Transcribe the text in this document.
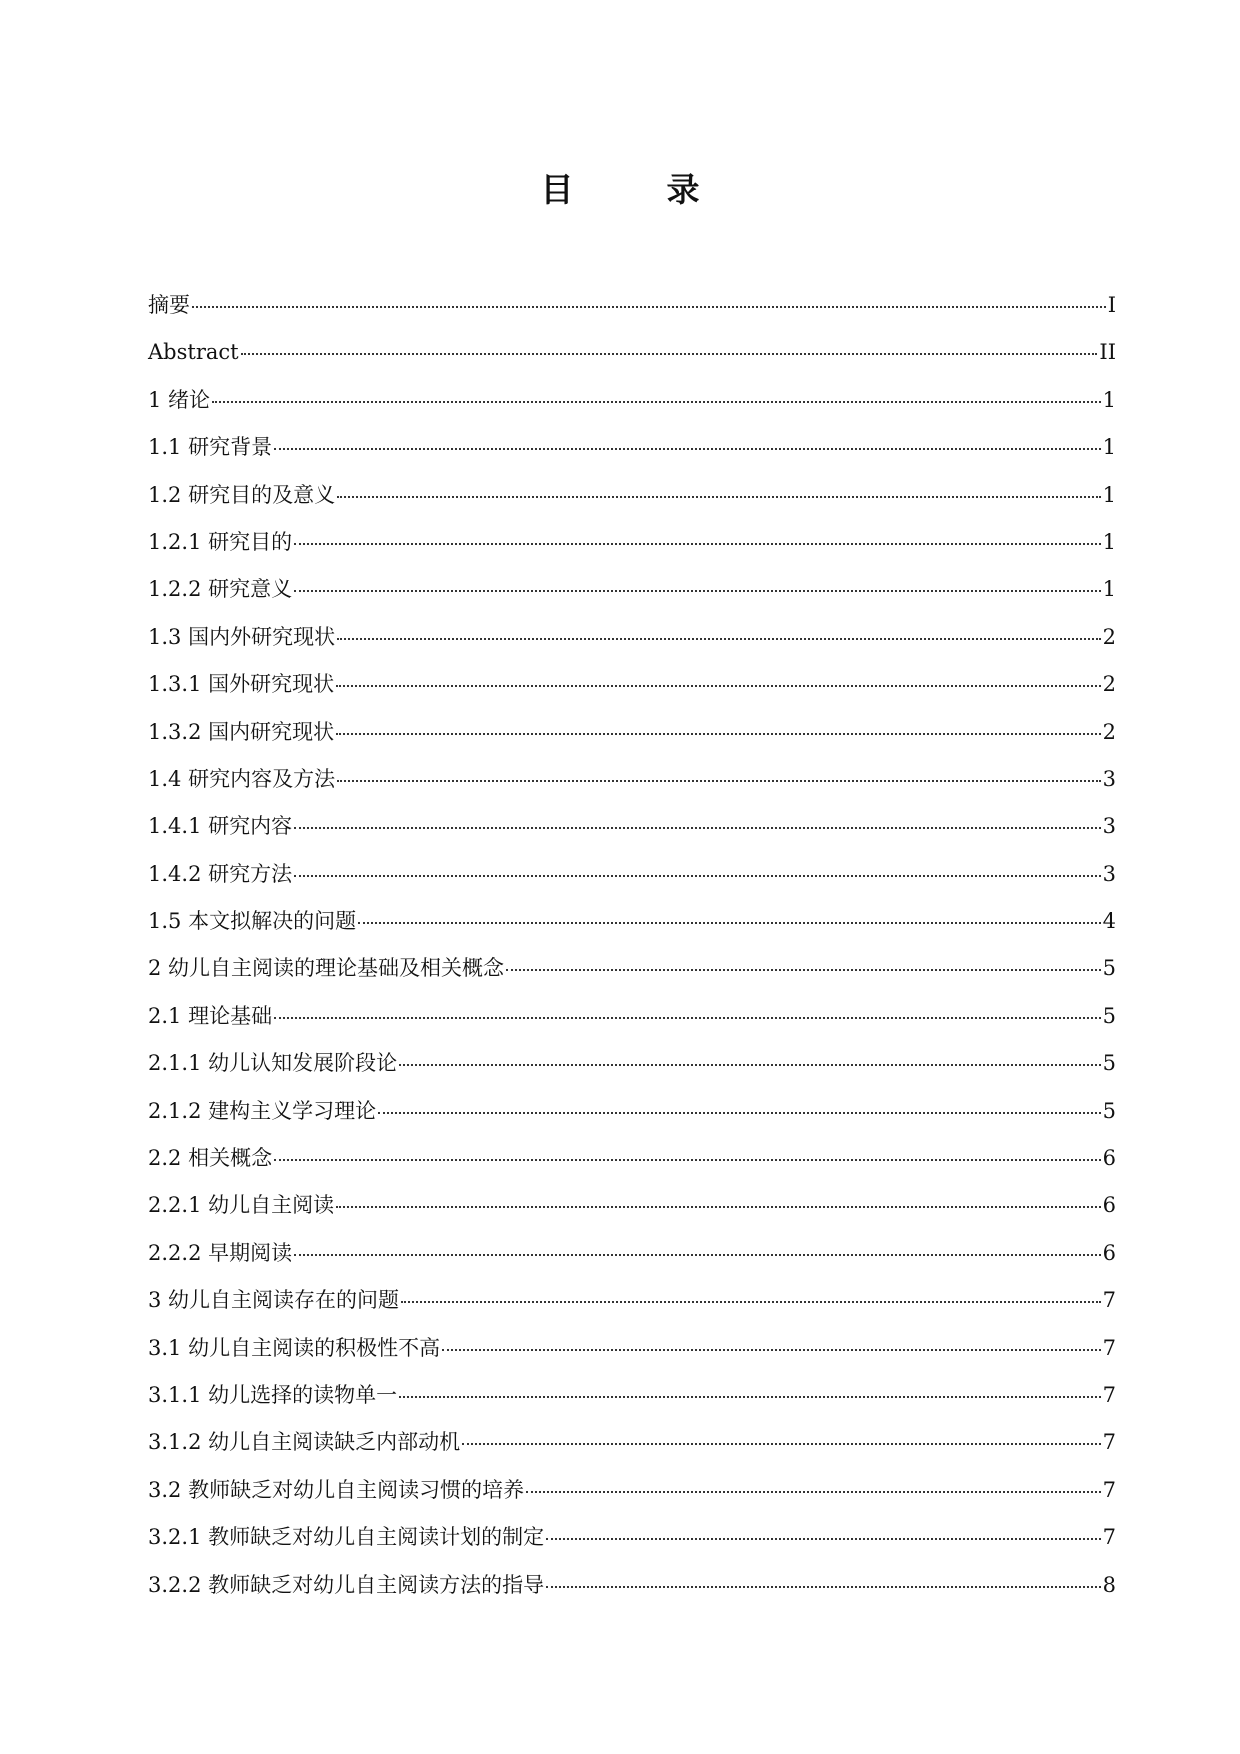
目　录
摘要	I
Abstract	II
1 绪论	1
1.1 研究背景	1
1.2 研究目的及意义	1
1.2.1 研究目的	1
1.2.2 研究意义	1
1.3 国内外研究现状	2
1.3.1 国外研究现状	2
1.3.2 国内研究现状	2
1.4 研究内容及方法	3
1.4.1 研究内容	3
1.4.2 研究方法	3
1.5 本文拟解决的问题	4
2 幼儿自主阅读的理论基础及相关概念	5
2.1 理论基础	5
2.1.1 幼儿认知发展阶段论	5
2.1.2 建构主义学习理论	5
2.2 相关概念	6
2.2.1 幼儿自主阅读	6
2.2.2 早期阅读	6
3 幼儿自主阅读存在的问题	7
3.1 幼儿自主阅读的积极性不高	7
3.1.1 幼儿选择的读物单一	7
3.1.2 幼儿自主阅读缺乏内部动机	7
3.2 教师缺乏对幼儿自主阅读习惯的培养	7
3.2.1 教师缺乏对幼儿自主阅读计划的制定	7
3.2.2 教师缺乏对幼儿自主阅读方法的指导	8
